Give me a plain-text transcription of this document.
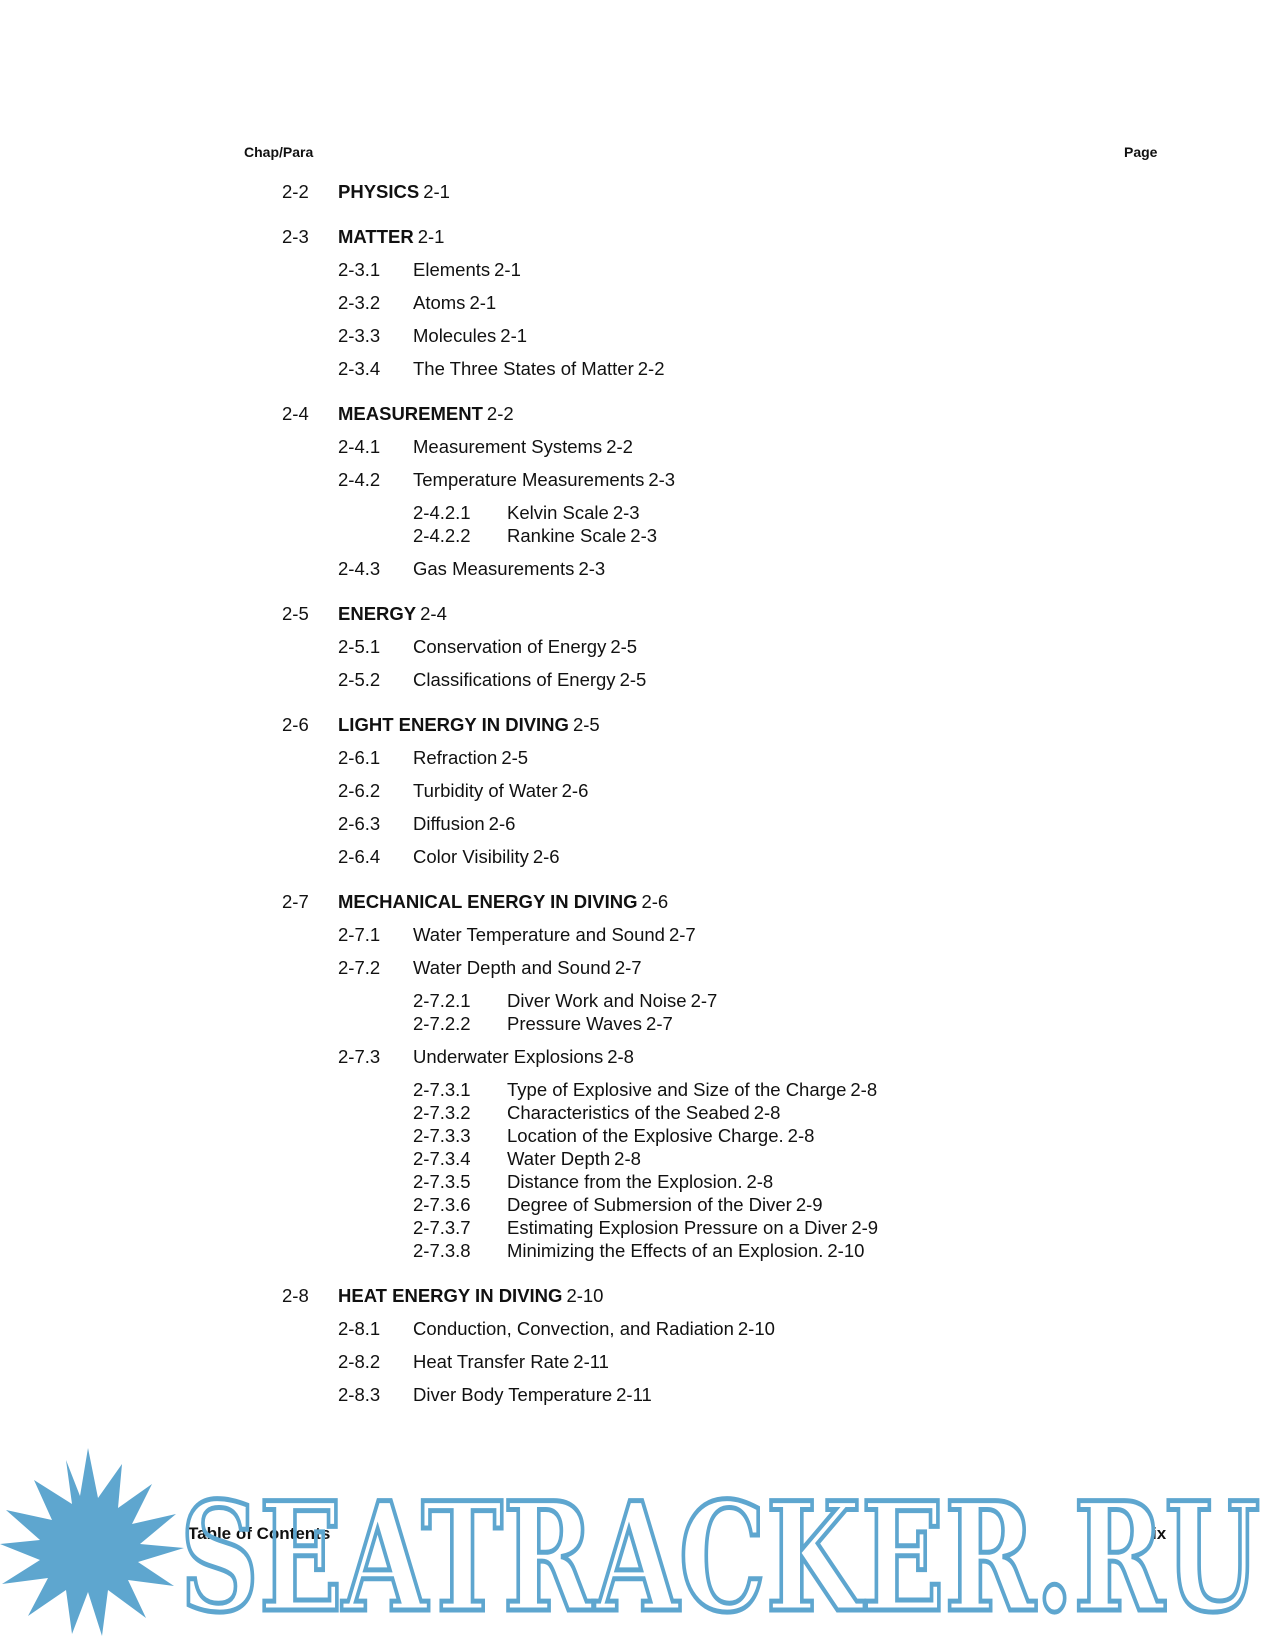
Chap/Para	Page
2-2 PHYSICS 2-1
2-3 MATTER 2-1
2-3.1 Elements 2-1
2-3.2 Atoms 2-1
2-3.3 Molecules 2-1
2-3.4 The Three States of Matter 2-2
2-4 MEASUREMENT 2-2
2-4.1 Measurement Systems 2-2
2-4.2 Temperature Measurements 2-3
2-4.2.1 Kelvin Scale 2-3
2-4.2.2 Rankine Scale 2-3
2-4.3 Gas Measurements 2-3
2-5 ENERGY 2-4
2-5.1 Conservation of Energy 2-5
2-5.2 Classifications of Energy 2-5
2-6 LIGHT ENERGY IN DIVING 2-5
2-6.1 Refraction 2-5
2-6.2 Turbidity of Water 2-6
2-6.3 Diffusion 2-6
2-6.4 Color Visibility 2-6
2-7 MECHANICAL ENERGY IN DIVING 2-6
2-7.1 Water Temperature and Sound 2-7
2-7.2 Water Depth and Sound 2-7
2-7.2.1 Diver Work and Noise 2-7
2-7.2.2 Pressure Waves 2-7
2-7.3 Underwater Explosions 2-8
2-7.3.1 Type of Explosive and Size of the Charge 2-8
2-7.3.2 Characteristics of the Seabed 2-8
2-7.3.3 Location of the Explosive Charge. 2-8
2-7.3.4 Water Depth 2-8
2-7.3.5 Distance from the Explosion. 2-8
2-7.3.6 Degree of Submersion of the Diver 2-9
2-7.3.7 Estimating Explosion Pressure on a Diver 2-9
2-7.3.8 Minimizing the Effects of an Explosion. 2-10
2-8 HEAT ENERGY IN DIVING 2-10
2-8.1 Conduction, Convection, and Radiation 2-10
2-8.2 Heat Transfer Rate 2-11
2-8.3 Diver Body Temperature 2-11
Table of Contents	ix
SEATRACKER.RU
